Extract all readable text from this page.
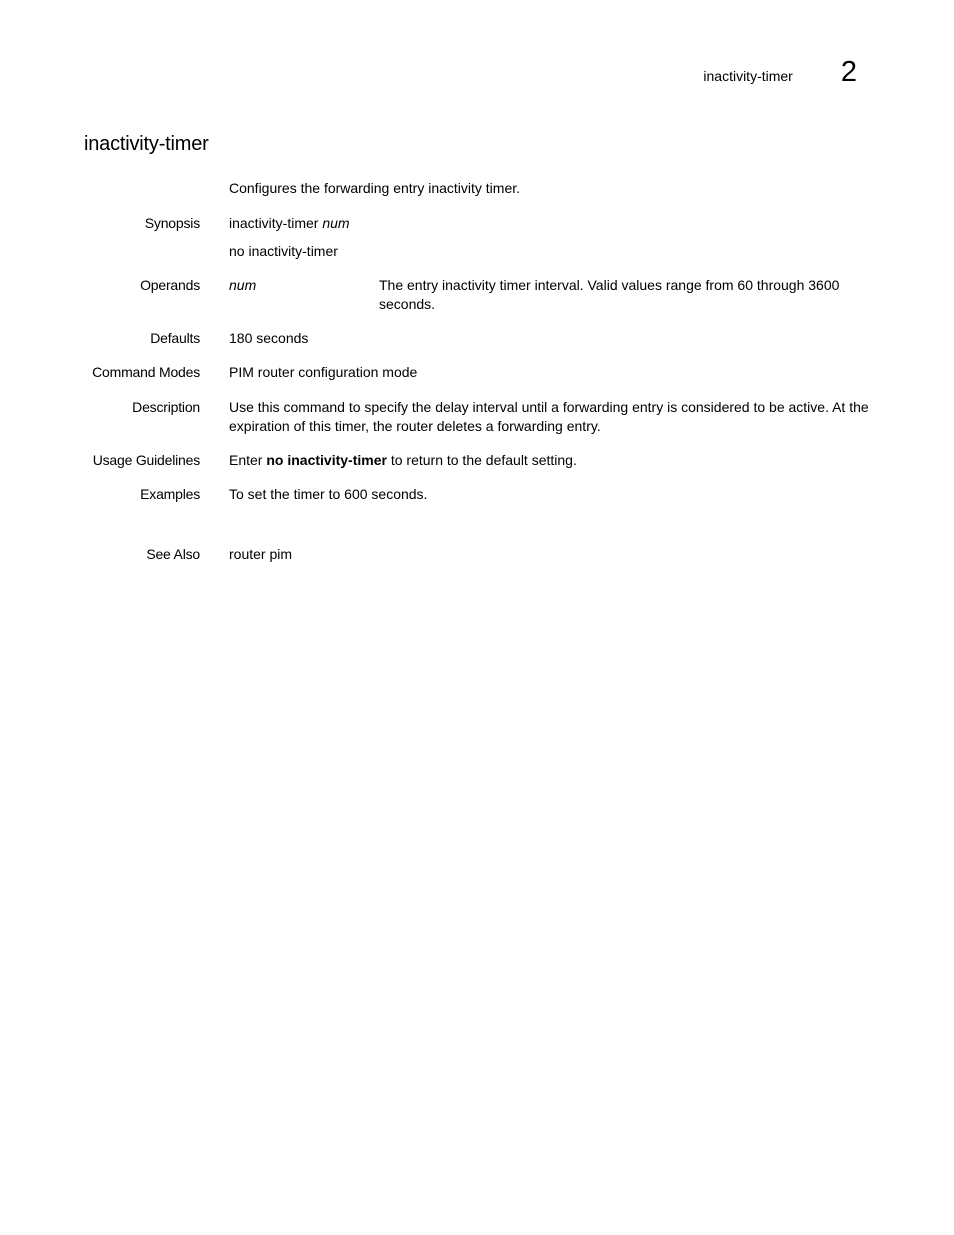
inactivity-timer 2
inactivity-timer
Configures the forwarding entry inactivity timer.
Synopsis inactivity-timer num
no inactivity-timer
Operands num	The entry inactivity timer interval. Valid values range from 60 through 3600 seconds.
Defaults 180 seconds
Command Modes PIM router configuration mode
Description Use this command to specify the delay interval until a forwarding entry is considered to be active. At the expiration of this timer, the router deletes a forwarding entry.
Usage Guidelines Enter no inactivity-timer to return to the default setting.
Examples To set the timer to 600 seconds.
See Also router pim
